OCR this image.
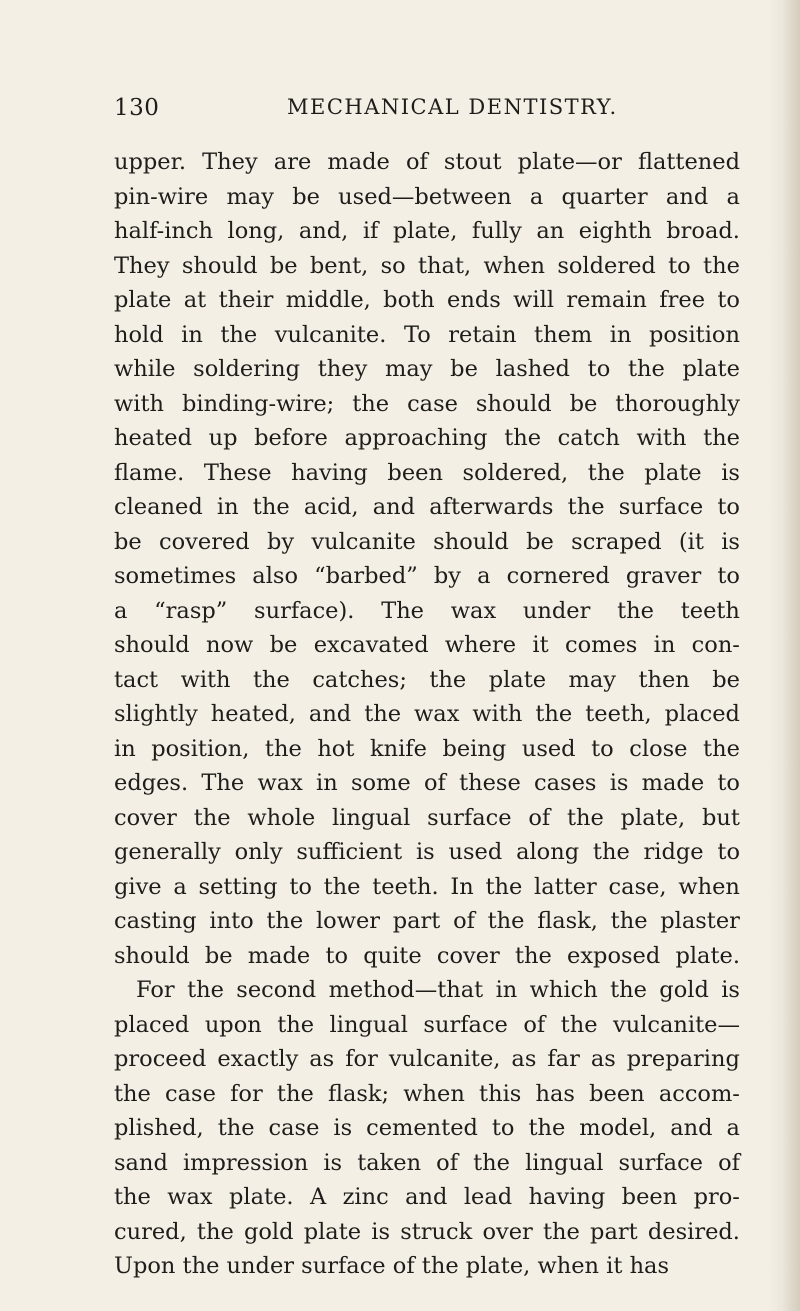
130	MECHANICAL DENTISTRY.
upper. They are made of stout plate—or flattened
pin-wire may be used—between a quarter and a
half-inch long, and, if plate, fully an eighth broad.
They should be bent, so that, when soldered to the
plate at their middle, both ends will remain free to
hold in the vulcanite. To retain them in position
while soldering they may be lashed to the plate
with binding-wire; the case should be thoroughly
heated up before approaching the catch with the
flame. These having been soldered, the plate is
cleaned in the acid, and afterwards the surface to
be covered by vulcanite should be scraped (it is
sometimes also “barbed” by a cornered graver to
a “rasp” surface). The wax under the teeth
should now be excavated where it comes in con-
tact with the catches; the plate may then be
slightly heated, and the wax with the teeth, placed
in position, the hot knife being used to close the
edges. The wax in some of these cases is made to
cover the whole lingual surface of the plate, but
generally only sufficient is used along the ridge to
give a setting to the teeth. In the latter case, when
casting into the lower part of the flask, the plaster
should be made to quite cover the exposed plate.
For the second method—that in which the gold is
placed upon the lingual surface of the vulcanite—
proceed exactly as for vulcanite, as far as preparing
the case for the flask; when this has been accom-
plished, the case is cemented to the model, and a
sand impression is taken of the lingual surface of
the wax plate. A zinc and lead having been pro-
cured, the gold plate is struck over the part desired.
Upon the under surface of the plate, when it has
